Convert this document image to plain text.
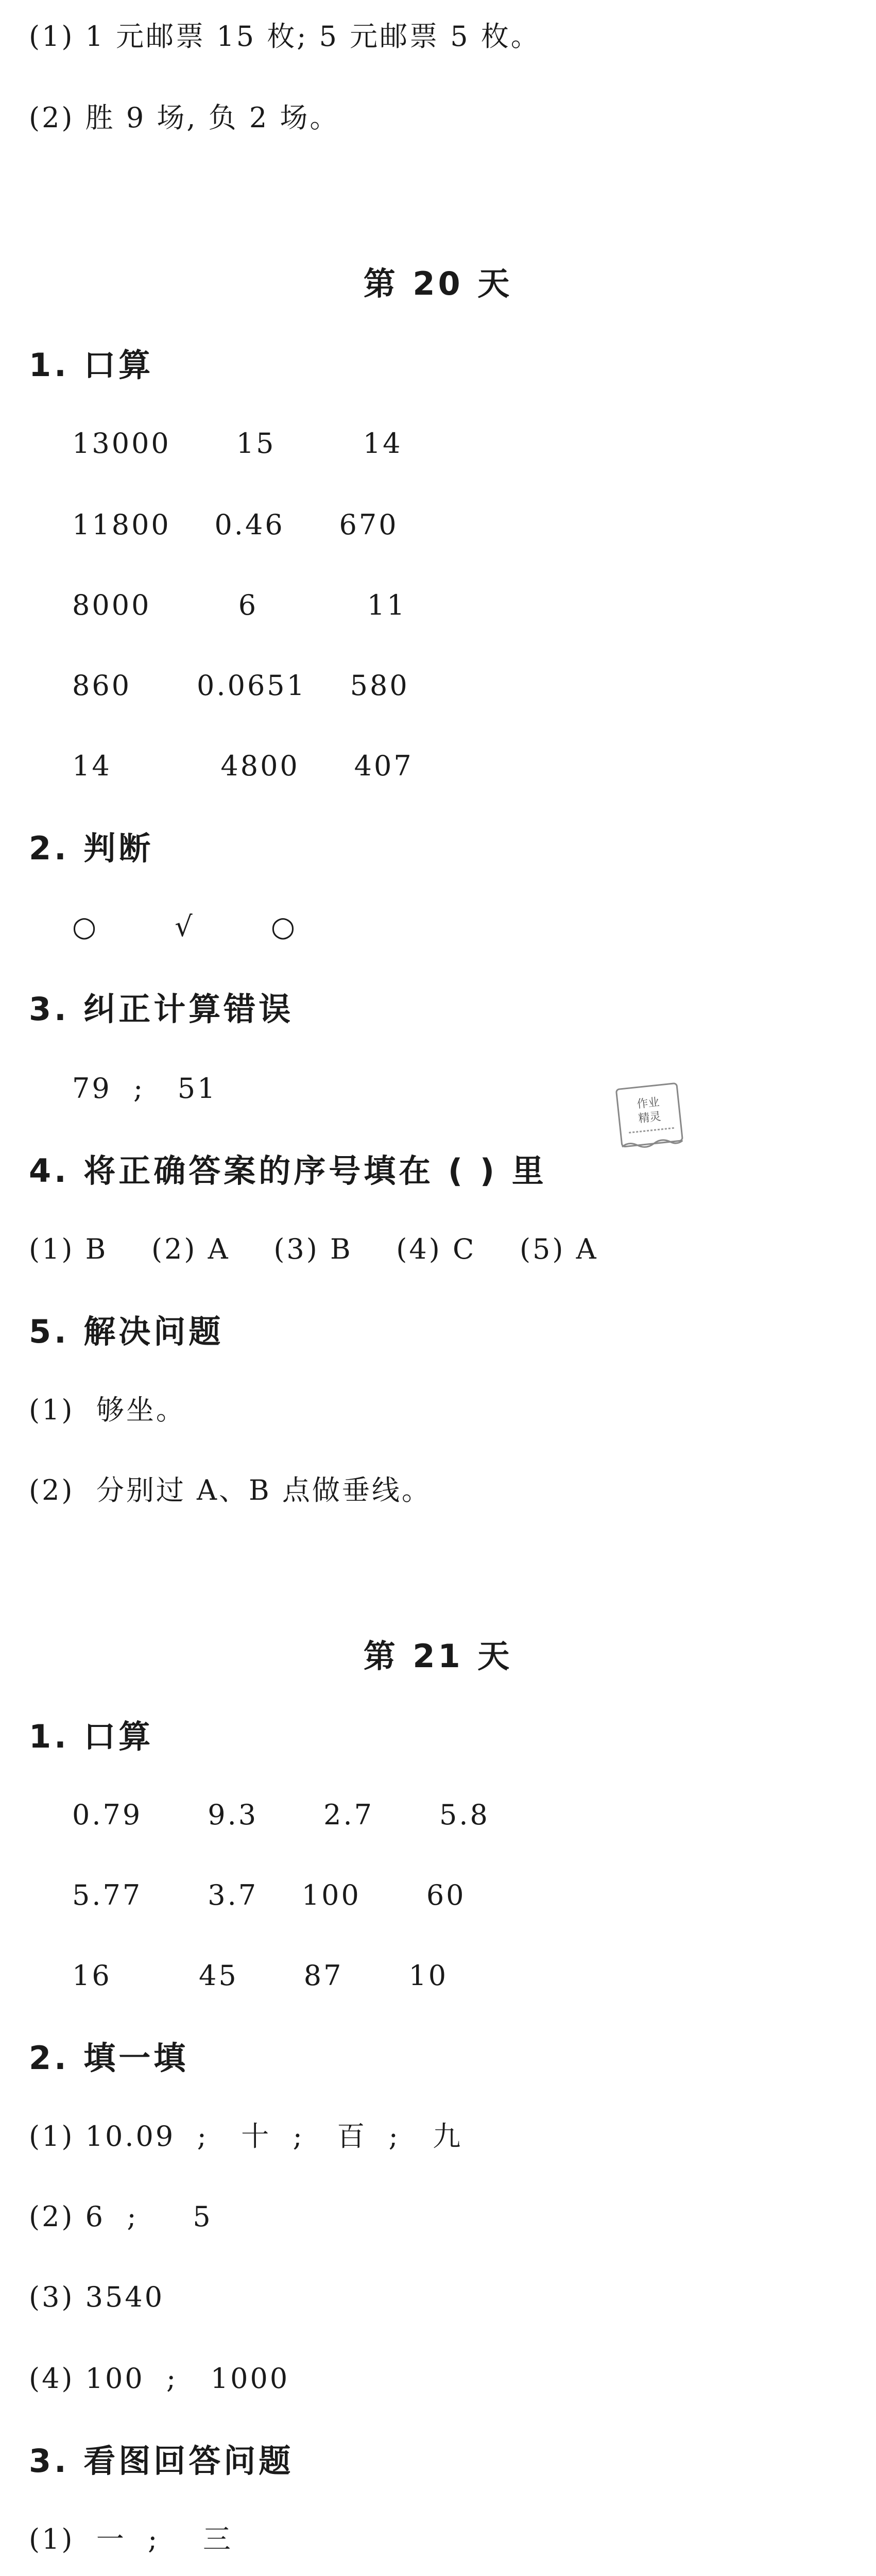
(1) 1 元邮票 15 枚; 5 元邮票 5 枚。
(2) 胜 9 场, 负 2 场。
第 20 天
1. 口算
13000      15        14
11800    0.46     670
8000        6          11
860      0.0651    580
14          4800     407
2. 判断
○       √       ○
3. 纠正计算错误
79  ;   51	作业
精灵
4. 将正确答案的序号填在 ( ) 里
(1) B    (2) A    (3) B    (4) C    (5) A
5. 解决问题
(1)  够坐。
(2)  分别过 A、B 点做垂线。
第 21 天
1. 口算
0.79      9.3      2.7      5.8
5.77      3.7    100      60
16        45      87      10
2. 填一填
(1) 10.09  ;   十  ;   百  ;   九
(2) 6  ;     5
(3) 3540
(4) 100  ;   1000
3. 看图回答问题
(1)  一  ;    三
